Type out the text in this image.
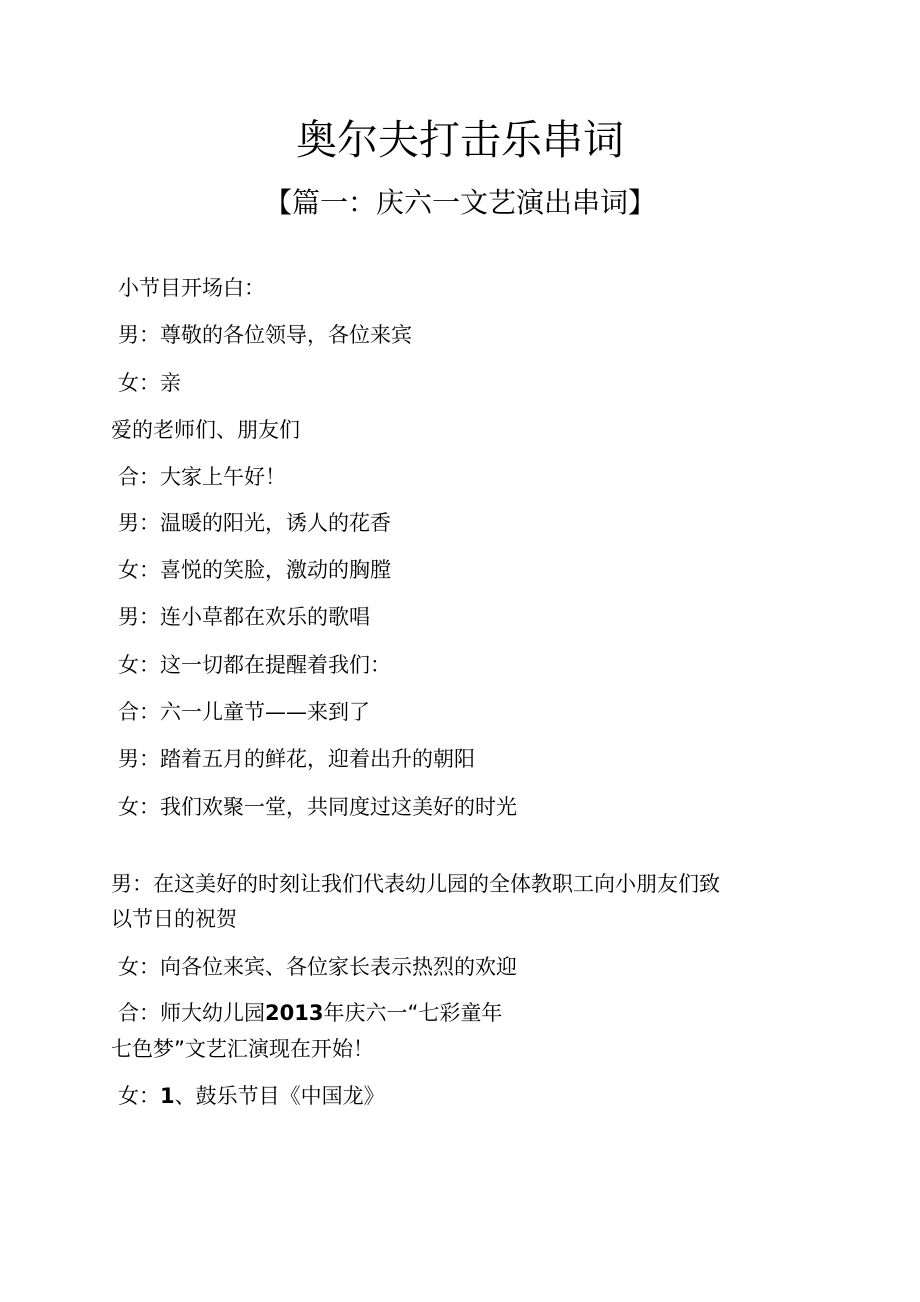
奥尔夫打击乐串词
【篇一：庆六一文艺演出串词】
小节目开场白：
男：尊敬的各位领导，各位来宾
女：亲
爱的老师们、朋友们
合：大家上午好！
男：温暖的阳光，诱人的花香
女：喜悦的笑脸，激动的胸膛
男：连小草都在欢乐的歌唱
女：这一切都在提醒着我们：
合：六一儿童节——来到了
男：踏着五月的鲜花，迎着出升的朝阳
女：我们欢聚一堂，共同度过这美好的时光
男：在这美好的时刻让我们代表幼儿园的全体教职工向小朋友们致
以节日的祝贺
女：向各位来宾、各位家长表示热烈的欢迎
合：师大幼儿园2013年庆六一“七彩童年
七色梦”文艺汇演现在开始！
女：1、鼓乐节目《中国龙》
